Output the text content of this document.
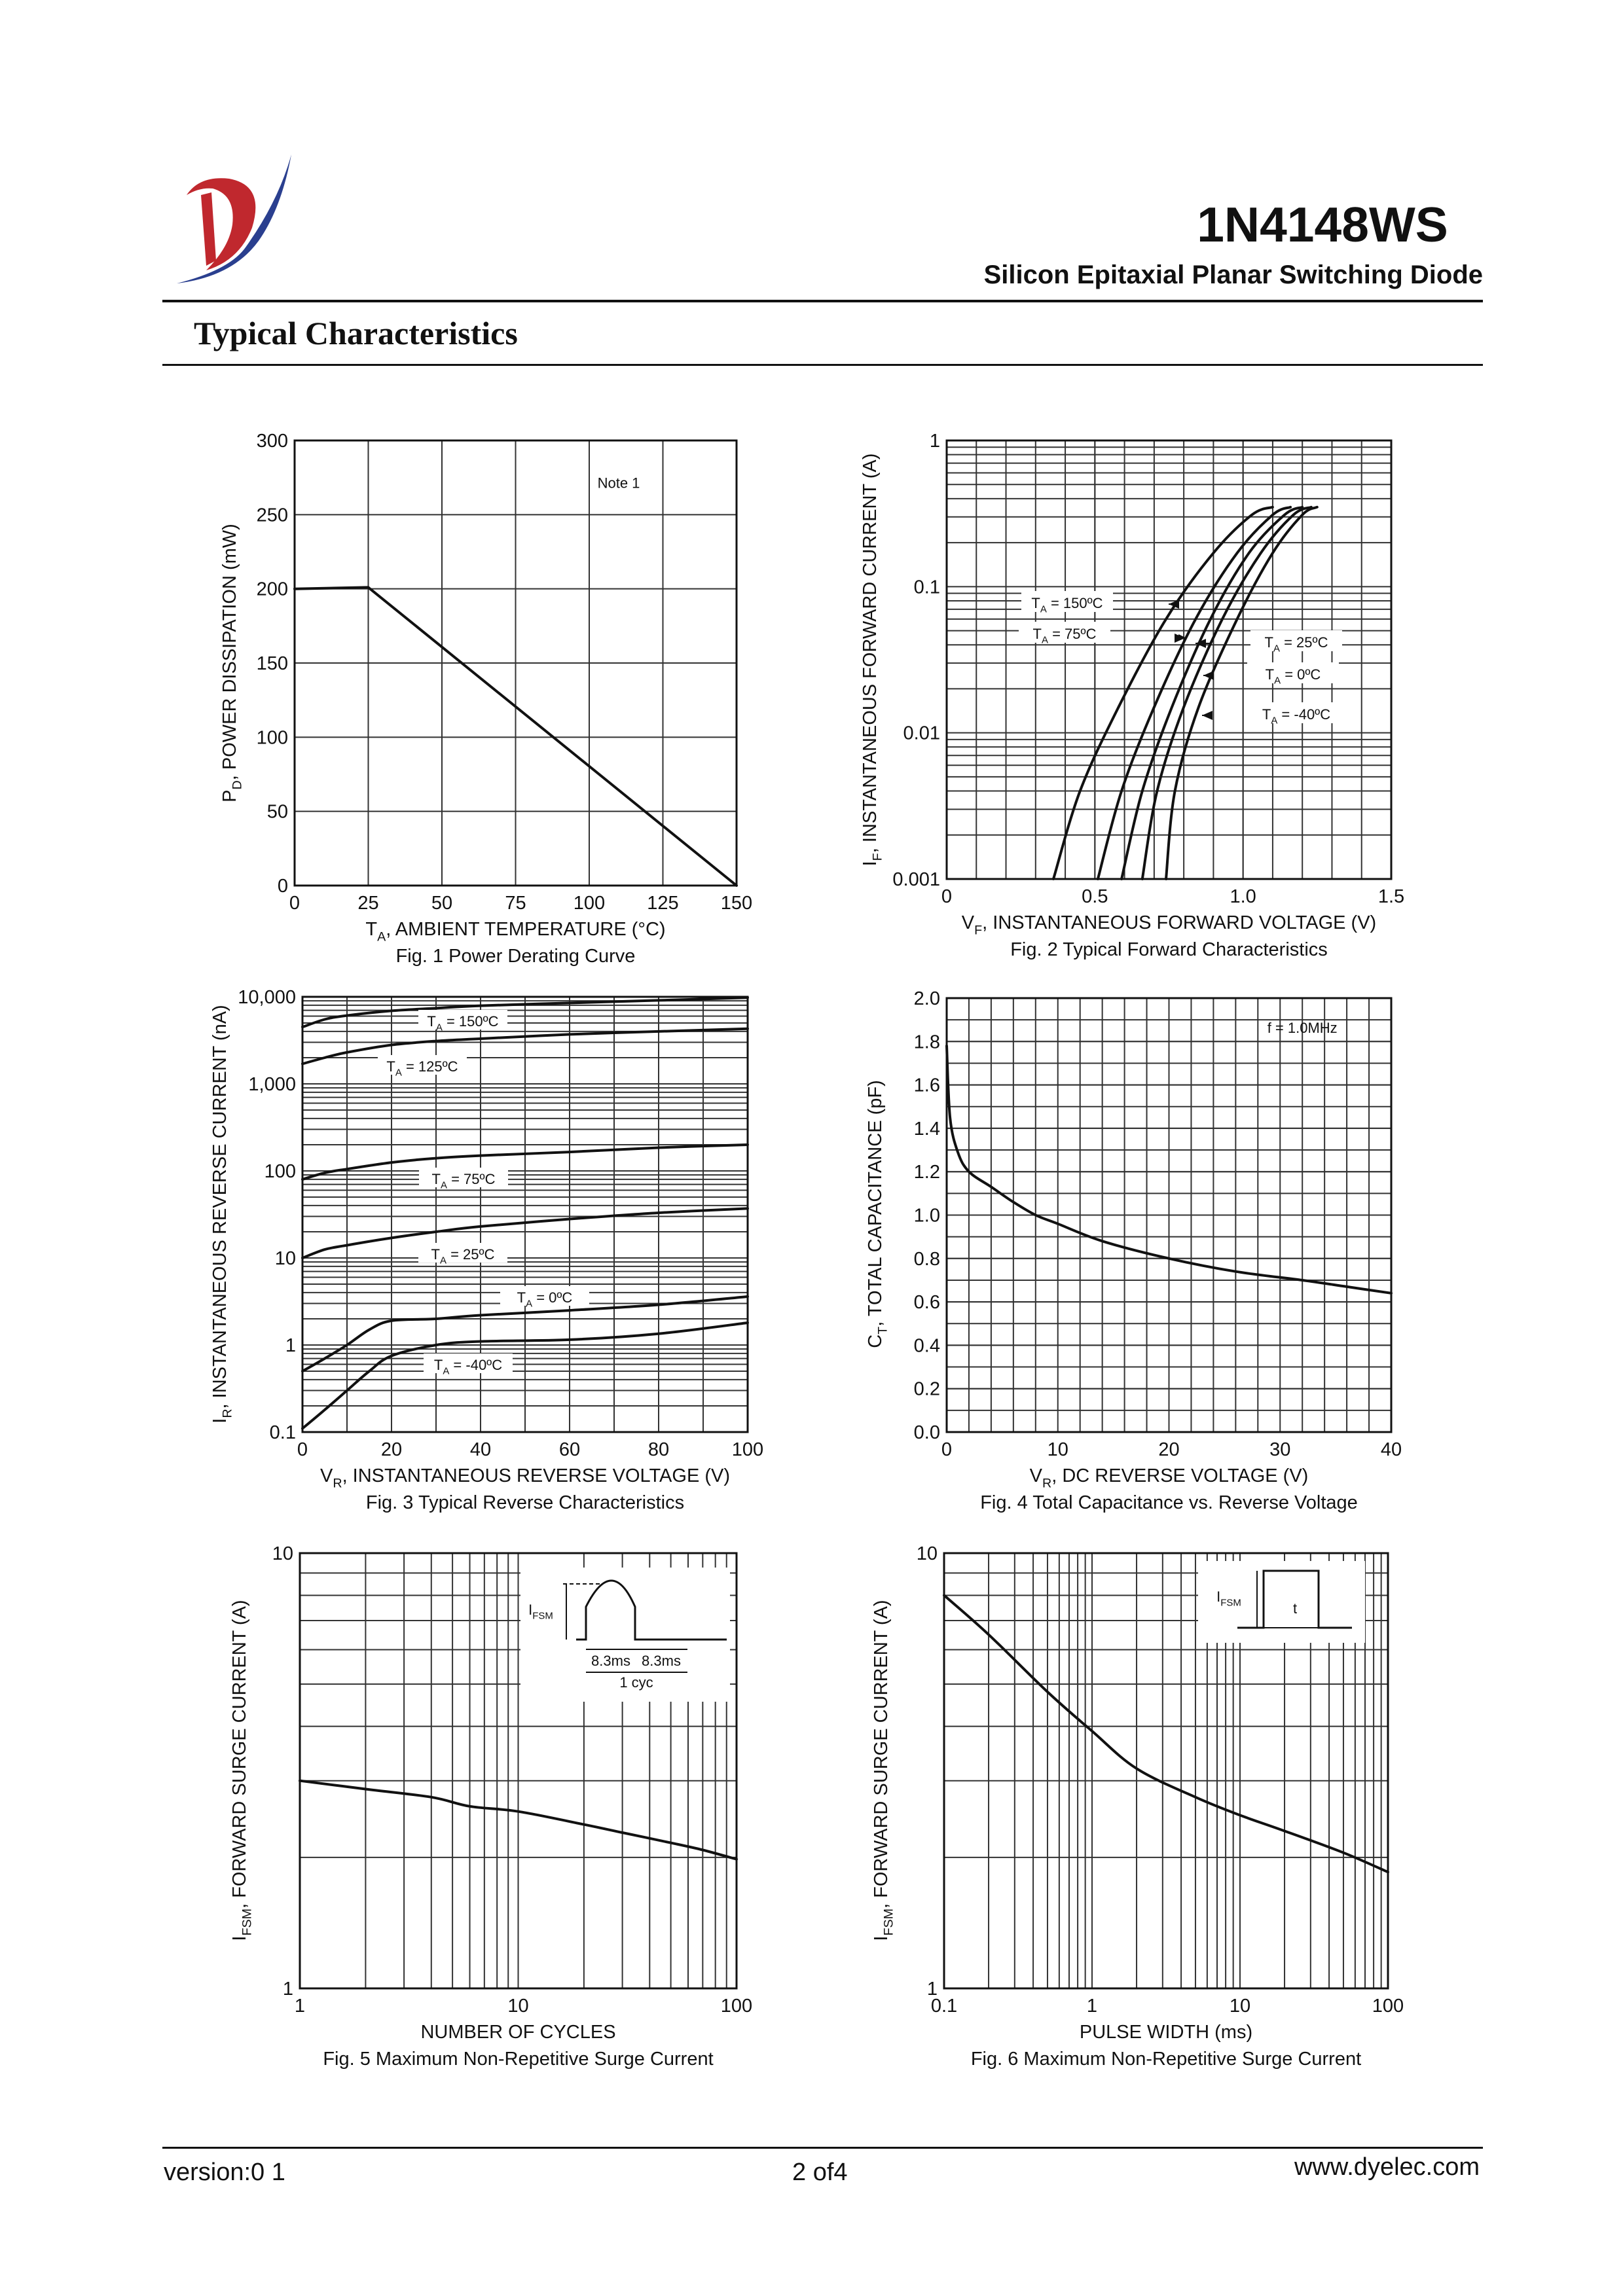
1N4148WS
Silicon Epitaxial Planar Switching Diode
Typical Characteristics
0	25	50	75 100 125 150
0
50
100
150
200
250
300
$T_A$, AMBIENT TEMPERATURE (°C)
$P_D$, POWER DISSIPATION (mW)
Fig. 1 Power Derating Curve
Note 1
0	0.5	1.0	1.5
0.001
0.01
0.1
1
$V_F$, INSTANTANEOUS FORWARD VOLTAGE (V)
$I_F$, INSTANTANEOUS FORWARD CURRENT (A)
Fig. 2 Typical Forward Characteristics
$T_A$ = 150ºC
$T_A$ = 75ºC
$T_A$ = 25ºC
$T_A$ = 0ºC
$T_A$ = -40ºC
0	20	40	60	80	100
0.1
1
10
100
1,000
10,000
$V_R$, INSTANTANEOUS REVERSE VOLTAGE (V)
$I_R$, INSTANTANEOUS REVERSE CURRENT (nA)
Fig. 3 Typical Reverse Characteristics
$T_A$ = 150ºC
$T_A$ = 125ºC
$T_A$ = 75ºC
$T_A$ = 25ºC
$T_A$ = 0ºC
$T_A$ = -40ºC
0	10	20	30	40
0.0
0.2
0.4
0.6
0.8
1.0
1.2
1.4
1.6
1.8
2.0
$V_R$, DC REVERSE VOLTAGE (V)
$C_T$, TOTAL CAPACITANCE (pF)
Fig. 4 Total Capacitance vs. Reverse Voltage
f = 1.0MHz
1	10	100
1
10
NUMBER OF CYCLES
$I_{FSM}$, FORWARD SURGE CURRENT (A)
Fig. 5 Maximum Non-Repetitive Surge Current
$I_{FSM}$
8.3ms 8.3ms
1 cyc
0.1	1	10	100
1
10
PULSE WIDTH (ms)
$I_{FSM}$, FORWARD SURGE CURRENT (A)
Fig. 6 Maximum Non-Repetitive Surge Current
$I_{FSM}$	t
version:0 1	2 of4	www.dyelec.com
